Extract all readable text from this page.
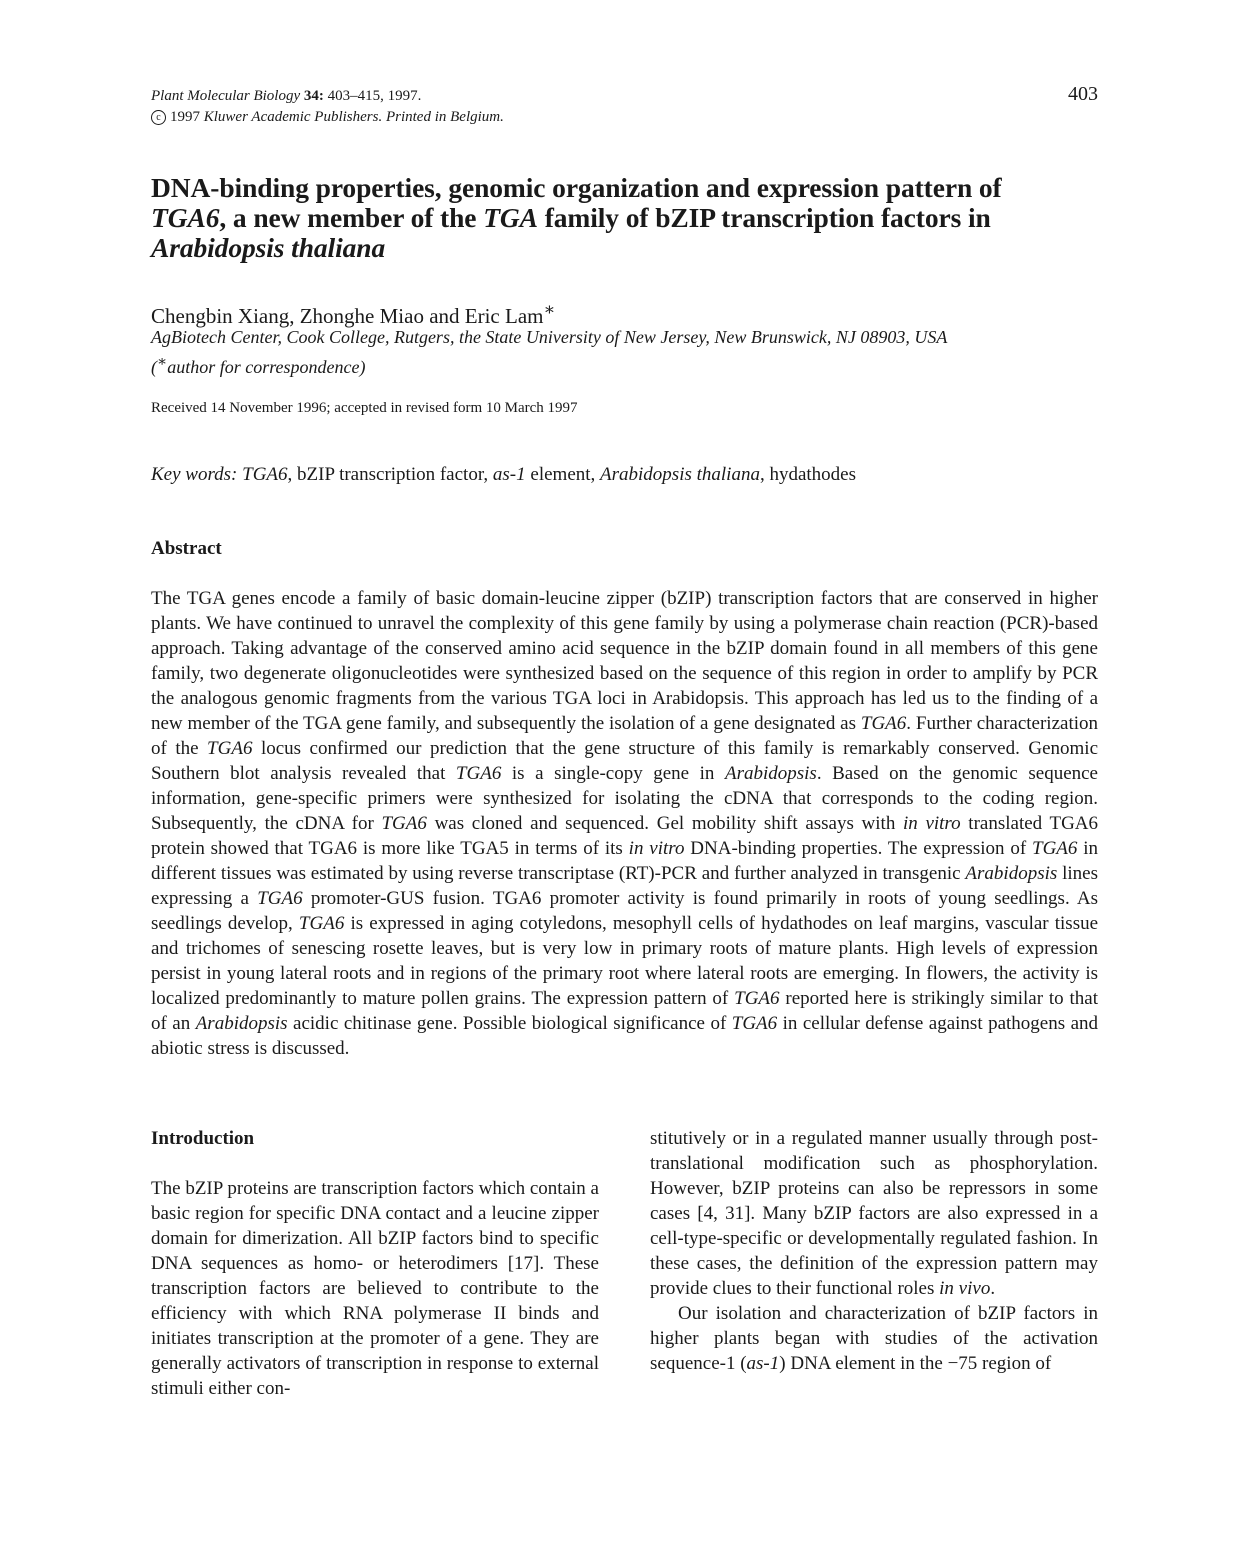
Plant Molecular Biology 34: 403–415, 1997.
c 1997 Kluwer Academic Publishers. Printed in Belgium.
403
DNA-binding properties, genomic organization and expression pattern of
TGA6, a new member of the TGA family of bZIP transcription factors in
Arabidopsis thaliana
Chengbin Xiang, Zhonghe Miao and Eric Lam∗
AgBiotech Center, Cook College, Rutgers, the State University of New Jersey, New Brunswick, NJ 08903, USA
(∗author for correspondence)
Received 14 November 1996; accepted in revised form 10 March 1997
Key words: TGA6, bZIP transcription factor, as-1 element, Arabidopsis thaliana, hydathodes
Abstract

The TGA genes encode a family of basic domain-leucine zipper (bZIP) transcription factors that are conserved in higher plants. We have continued to unravel the complexity of this gene family by using a polymerase chain reaction (PCR)-based approach. Taking advantage of the conserved amino acid sequence in the bZIP domain found in all members of this gene family, two degenerate oligonucleotides were synthesized based on the sequence of this region in order to amplify by PCR the analogous genomic fragments from the various TGA loci in Arabidopsis. This approach has led us to the finding of a new member of the TGA gene family, and subsequently the isolation of a gene designated as TGA6. Further characterization of the TGA6 locus confirmed our prediction that the gene structure of this family is remarkably conserved. Genomic Southern blot analysis revealed that TGA6 is a single-copy gene in Arabidopsis. Based on the genomic sequence information, gene-specific primers were synthesized for isolating the cDNA that corresponds to the coding region. Subsequently, the cDNA for TGA6 was cloned and sequenced. Gel mobility shift assays with in vitro translated TGA6 protein showed that TGA6 is more like TGA5 in terms of its in vitro DNA-binding properties. The expression of TGA6 in different tissues was estimated by using reverse transcriptase (RT)-PCR and further analyzed in transgenic Arabidopsis lines expressing a TGA6 promoter-GUS fusion. TGA6 promoter activity is found primarily in roots of young seedlings. As seedlings develop, TGA6 is expressed in aging cotyledons, mesophyll cells of hydathodes on leaf margins, vascular tissue and trichomes of senescing rosette leaves, but is very low in primary roots of mature plants. High levels of expression persist in young lateral roots and in regions of the primary root where lateral roots are emerging. In flowers, the activity is localized predominantly to mature pollen grains. The expression pattern of TGA6 reported here is strikingly similar to that of an Arabidopsis acidic chitinase gene. Possible biological significance of TGA6 in cellular defense against pathogens and abiotic stress is discussed.

Introduction

The bZIP proteins are transcription factors which contain a basic region for specific DNA contact and a leucine zipper domain for dimerization. All bZIP factors bind to specific DNA sequences as homo- or heterodimers [17]. These transcription factors are believed to contribute to the efficiency with which RNA polymerase II binds and initiates transcription at the promoter of a gene. They are generally activators of transcription in response to external stimuli either con-

stitutively or in a regulated manner usually through post-translational modification such as phosphorylation. However, bZIP proteins can also be repressors in some cases [4, 31]. Many bZIP factors are also expressed in a cell-type-specific or developmentally regulated fashion. In these cases, the definition of the expression pattern may provide clues to their functional roles in vivo.

Our isolation and characterization of bZIP factors in higher plants began with studies of the activation sequence-1 (as-1) DNA element in the −75 region of
